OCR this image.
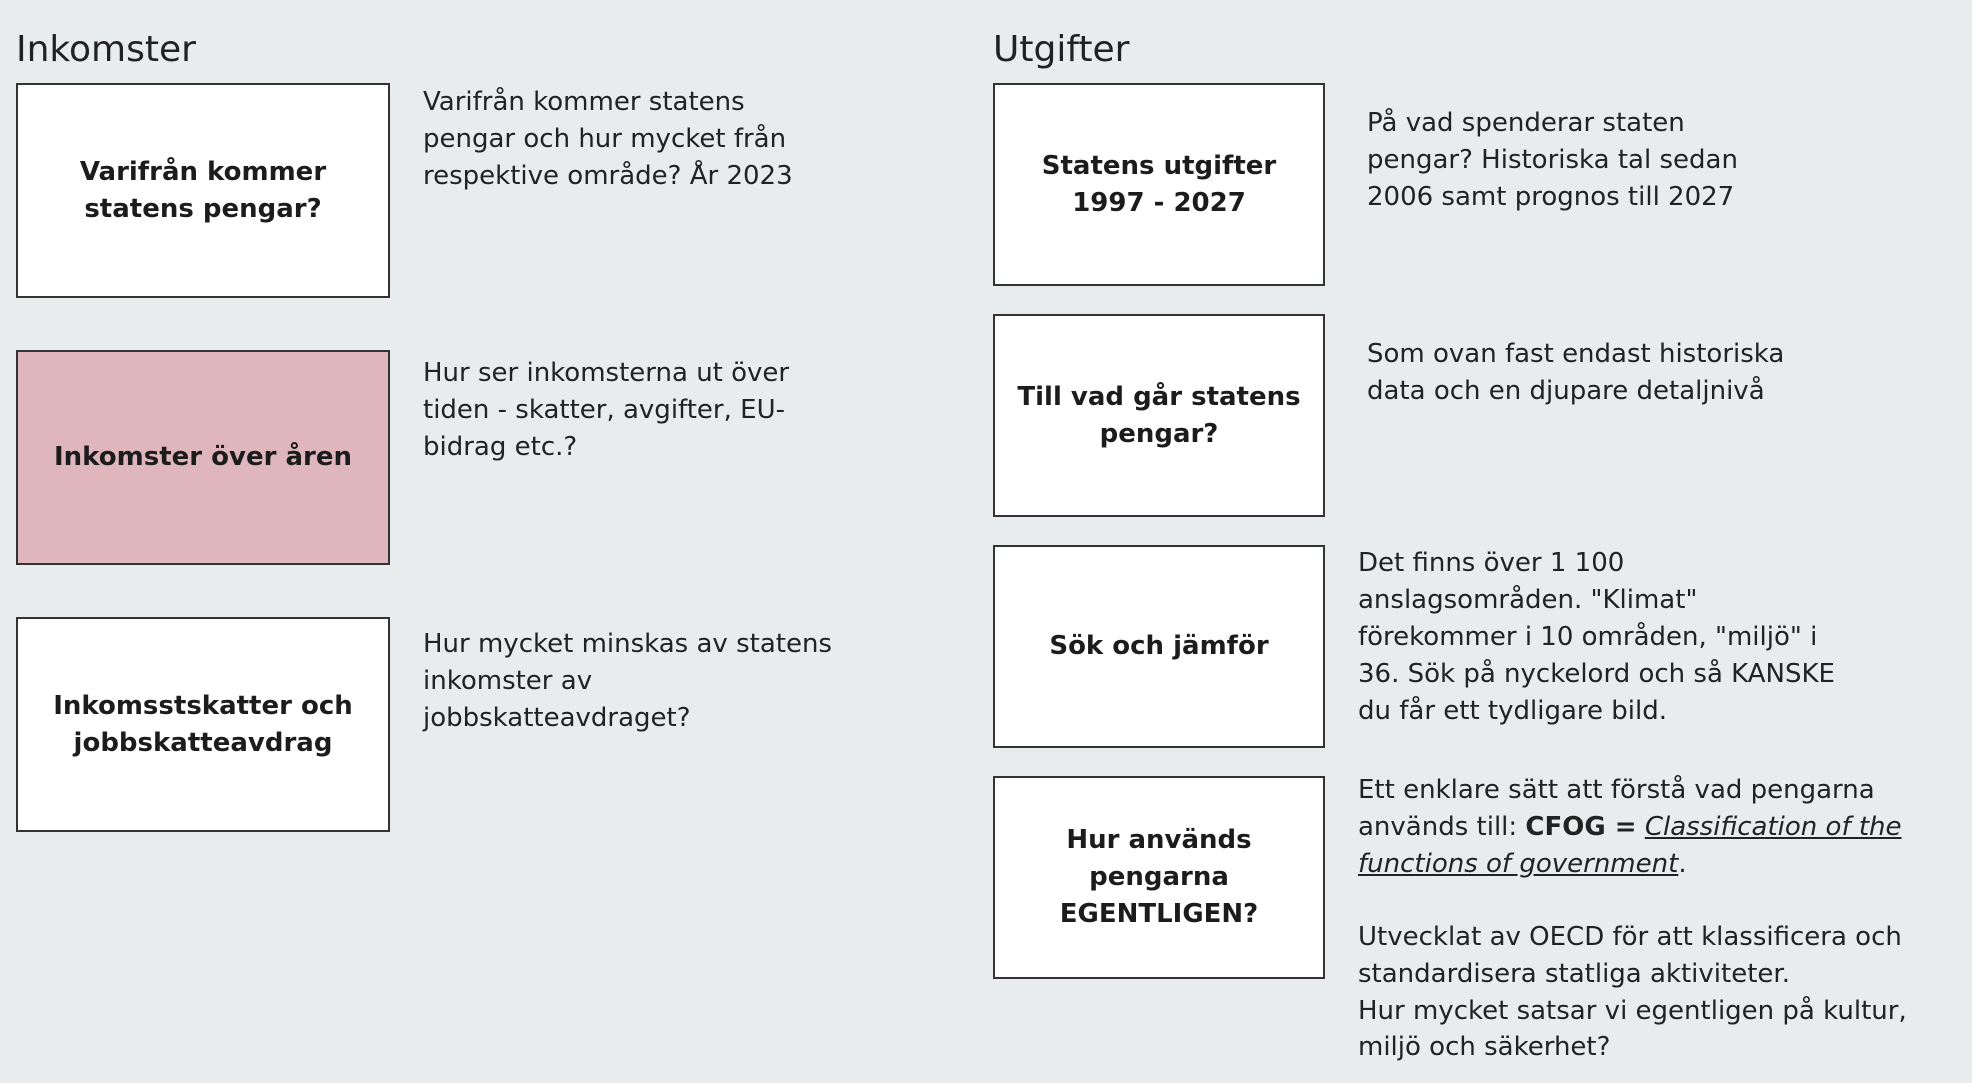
Inkomster
Varifrån kommer statens pengar?
Varifrån kommer statens pengar och hur mycket från respektive område? År 2023
Inkomster över åren
Hur ser inkomsterna ut över tiden - skatter, avgifter, EU-bidrag etc.?
Inkomsstskatter och jobbskatteavdrag
Hur mycket minskas av statens inkomster av jobbskatteavdraget?
Utgifter
Statens utgifter 1997 - 2027
På vad spenderar staten pengar? Historiska tal sedan 2006 samt prognos till 2027
Till vad går statens pengar?
Som ovan fast endast historiska data och en djupare detaljnivå
Sök och jämför
Det finns över 1 100 anslagsområden. "Klimat" förekommer i 10 områden, "miljö" i 36. Sök på nyckelord och så KANSKE du får ett tydligare bild.
Hur används pengarna EGENTLIGEN?

Ett enklare sätt att förstå vad pengarna används till: CFOG = Classification of the functions of government.

Utvecklat av OECD för att klassificera och standardisera statliga aktiviteter.

Hur mycket satsar vi egentligen på kultur, miljö och säkerhet?
